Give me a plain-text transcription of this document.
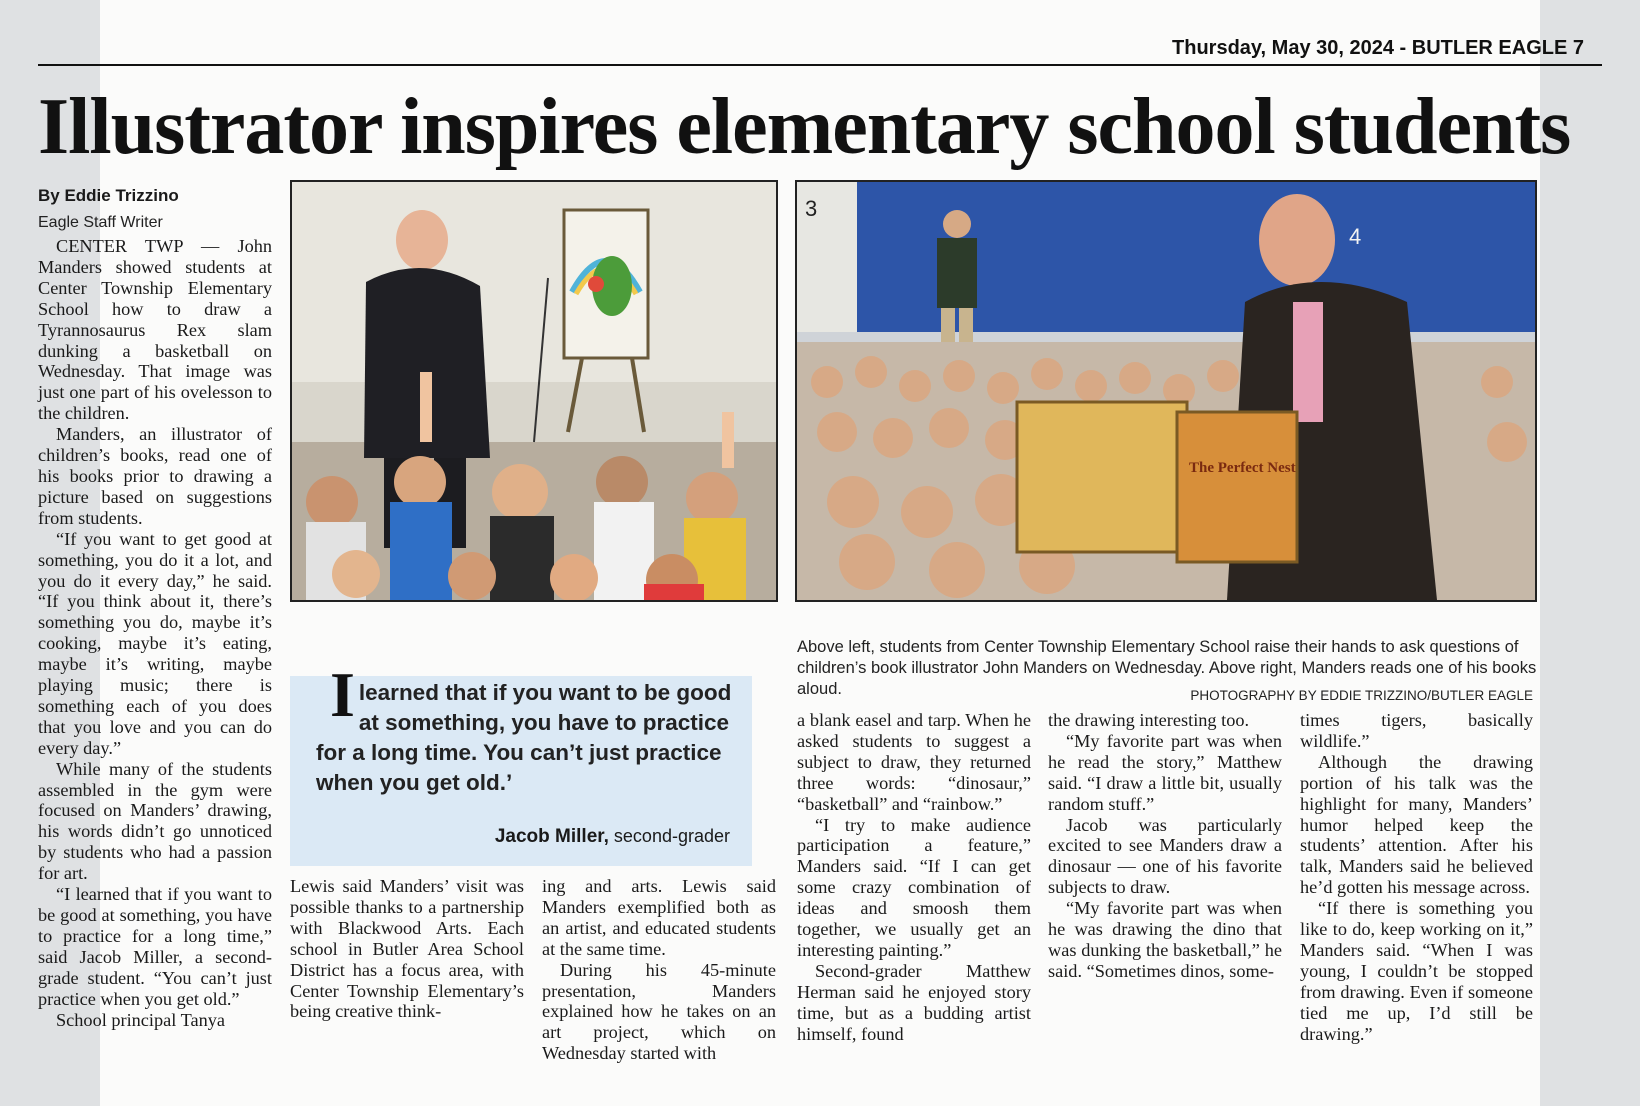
Thursday, May 30, 2024 - BUTLER EAGLE 7
Illustrator inspires elementary school students
By Eddie Trizzino
Eagle Staff Writer

CENTER TWP — John Manders showed students at Center Township Elementary School how to draw a Tyrannosaurus Rex slam dunking a basketball on Wednesday. That image was just one part of his ovelesson to the children.

Manders, an illustrator of children’s books, read one of his books prior to drawing a picture based on suggestions from students.

“If you want to get good at something, you do it a lot, and you do it every day,” he said. “If you think about it, there’s something you do, maybe it’s cooking, maybe it’s eating, maybe it’s writing, maybe playing music; there is something each of you does that you love and you can do every day.”

While many of the students assembled in the gym were focused on Manders’ drawing, his words didn’t go unnoticed by students who had a passion for art.

“I learned that if you want to be good at something, you have to practice for a long time,” said Jacob Miller, a second-grade student. “You can’t just practice when you get old.”

School principal Tanya

3
4
The Perfect Nest
Ilearned that if you want to be good at something, you have to practice for a long time. You can’t just practice when you get old.’
Jacob Miller, second-grader
Above left, students from Center Township Elementary School raise their hands to ask questions of children’s book illustrator John Manders on Wednesday. Above right, Manders reads one of his books aloud.	PHOTOGRAPHY BY EDDIE TRIZZINO/BUTLER EAGLE

Lewis said Manders’ visit was possible thanks to a partnership with Blackwood Arts. Each school in Butler Area School District has a focus area, with Center Township Elementary’s being creative think-

ing and arts. Lewis said Manders exemplified both as an artist, and educated students at the same time.

During his 45-minute presentation, Manders explained how he takes on an art project, which on Wednesday started with

a blank easel and tarp. When he asked students to suggest a subject to draw, they returned three words: “dinosaur,” “basketball” and “rainbow.”

“I try to make audience participation a feature,” Manders said. “If I can get some crazy combination of ideas and smoosh them together, we usually get an interesting painting.”

Second-grader Matthew Herman said he enjoyed story time, but as a budding artist himself, found

the drawing interesting too.

“My favorite part was when he read the story,” Matthew said. “I draw a little bit, usually random stuff.”

Jacob was particularly excited to see Manders draw a dinosaur — one of his favorite subjects to draw.

“My favorite part was when he was drawing the dino that was dunking the basketball,” he said. “Sometimes dinos, some-

times tigers, basically wildlife.”

Although the drawing portion of his talk was the highlight for many, Manders’ humor helped keep the students’ attention. After his talk, Manders said he believed he’d gotten his message across.

“If there is something you like to do, keep working on it,” Manders said. “When I was young, I couldn’t be stopped from drawing. Even if someone tied me up, I’d still be drawing.”
